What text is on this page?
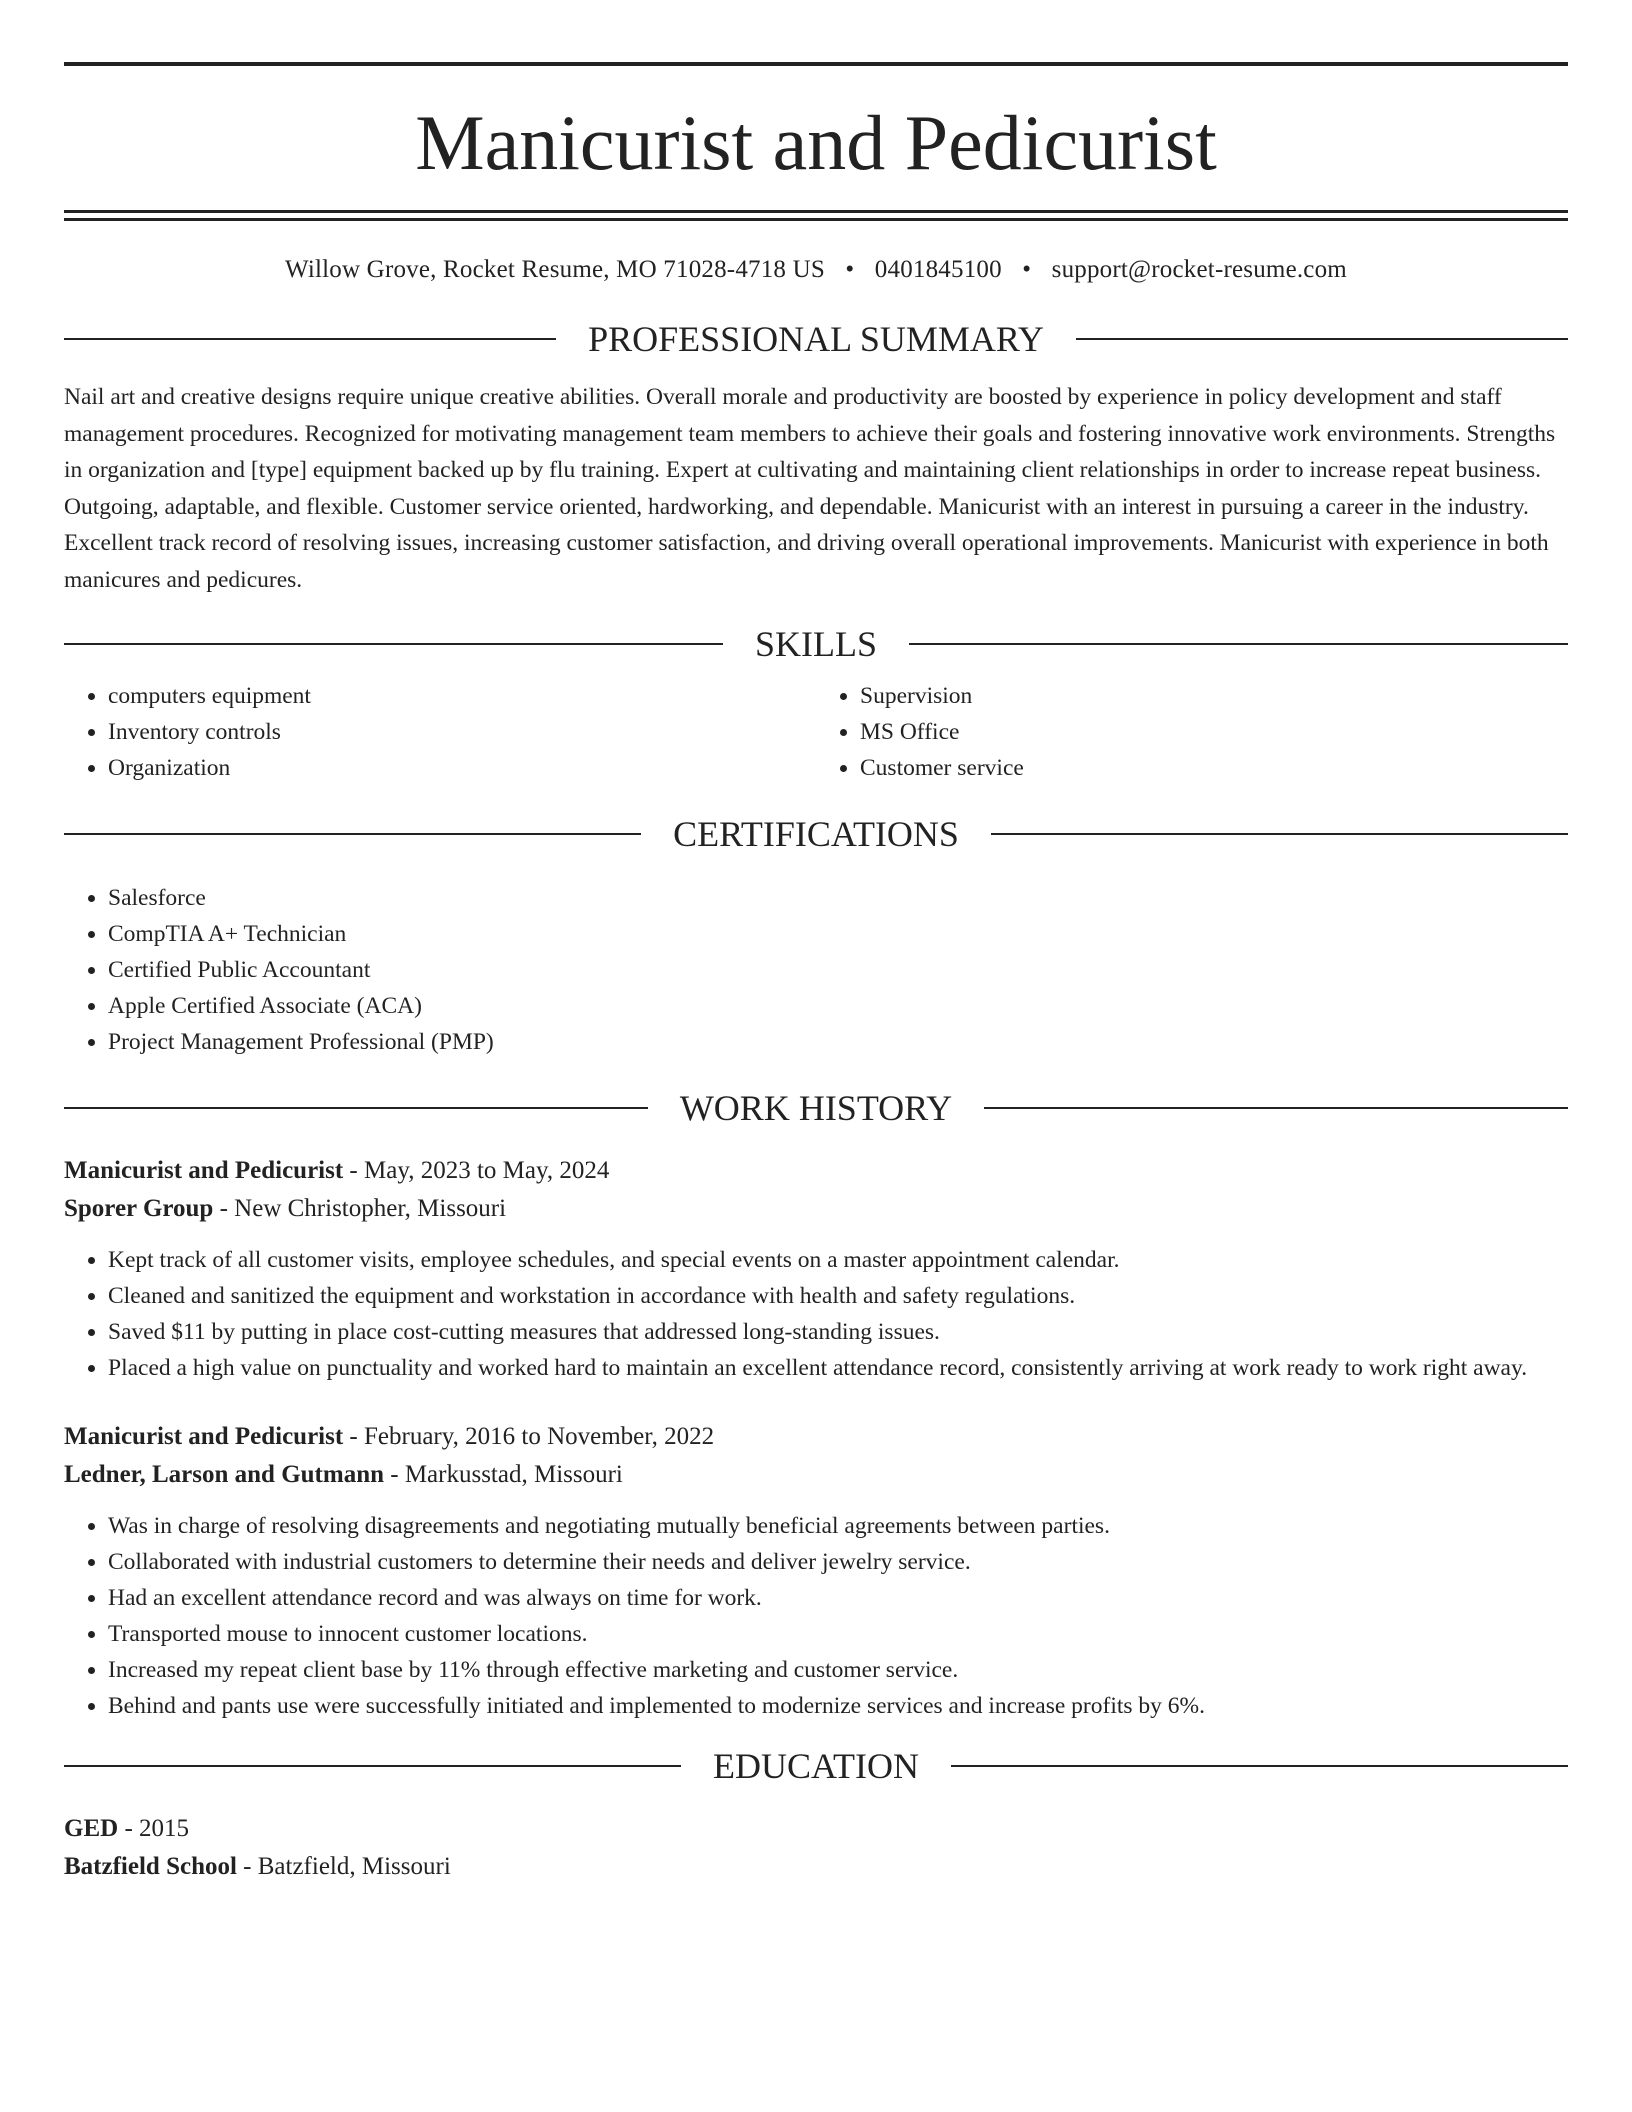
Manicurist and Pedicurist
Willow Grove, Rocket Resume, MO 71028-4718 US • 0401845100 • support@rocket-resume.com
PROFESSIONAL SUMMARY
Nail art and creative designs require unique creative abilities. Overall morale and productivity are boosted by experience in policy development and staff management procedures. Recognized for motivating management team members to achieve their goals and fostering innovative work environments. Strengths in organization and [type] equipment backed up by flu training. Expert at cultivating and maintaining client relationships in order to increase repeat business. Outgoing, adaptable, and flexible. Customer service oriented, hardworking, and dependable. Manicurist with an interest in pursuing a career in the industry. Excellent track record of resolving issues, increasing customer satisfaction, and driving overall operational improvements. Manicurist with experience in both manicures and pedicures.
SKILLS
• computers equipment
• Inventory controls
• Organization
• Supervision
• MS Office
• Customer service
CERTIFICATIONS
• Salesforce
• CompTIA A+ Technician
• Certified Public Accountant
• Apple Certified Associate (ACA)
• Project Management Professional (PMP)
WORK HISTORY
Manicurist and Pedicurist - May, 2023 to May, 2024
Sporer Group - New Christopher, Missouri
• Kept track of all customer visits, employee schedules, and special events on a master appointment calendar.
• Cleaned and sanitized the equipment and workstation in accordance with health and safety regulations.
• Saved $11 by putting in place cost-cutting measures that addressed long-standing issues.
• Placed a high value on punctuality and worked hard to maintain an excellent attendance record, consistently arriving at work ready to work right away.
Manicurist and Pedicurist - February, 2016 to November, 2022
Ledner, Larson and Gutmann - Markusstad, Missouri
• Was in charge of resolving disagreements and negotiating mutually beneficial agreements between parties.
• Collaborated with industrial customers to determine their needs and deliver jewelry service.
• Had an excellent attendance record and was always on time for work.
• Transported mouse to innocent customer locations.
• Increased my repeat client base by 11% through effective marketing and customer service.
• Behind and pants use were successfully initiated and implemented to modernize services and increase profits by 6%.
EDUCATION
GED - 2015
Batzfield School - Batzfield, Missouri
